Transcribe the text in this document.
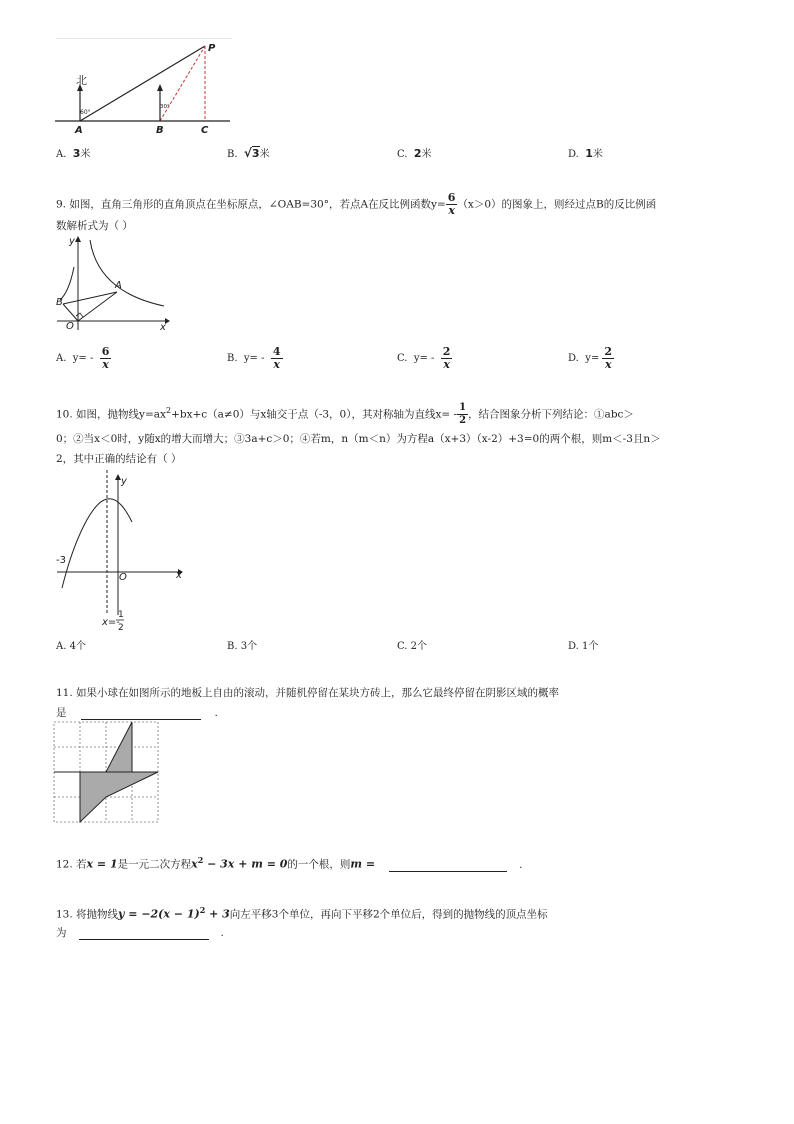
北
60°
30°
A	B	C
P
A. 3米	B. √3米	C. 2米	D. 1米
9. 如图，直角三角形的直角顶点在坐标原点，∠OAB=30°，若点A在反比例函数$y= \frac{6}{x} (x>0)$的图象上，则经过点B的反比例函
数解析式为（ ）
y
x
O
A
B
A. $y= - \frac{6}{x}$	B. $y= - \frac{4}{x}$	C. $y= - \frac{2}{x}$	D. $y= \frac{2}{x}$
10. 如图，抛物线$y=ax^2+bx+c(a\ne 0)$与x轴交于点（-3，0），其对称轴为直线$x= - \frac{1}{2}$ ，结合图象分析下列结论：①abc＞
0；②当x＜0时，y随x的增大而增大；③3a+c＞0；④若m，n（m＜n）为方程a（x+3）（x-2）+3=0的两个根，则m＜-3且n＞
2，其中正确的结论有（ ）
y
x
O
-3
x=-
1
2
A. 4个	B. 3个	C. 2个	D. 1个
11. 如果小球在如图所示的地板上自由的滚动，并随机停留在某块方砖上，那么它最终停留在阴影区域的概率
是	.
12. 若x = 1是一元二次方程$x^2 - 3x + m = 0$的一个根，则m =	.
13. 将抛物线$y = -2(x - 1)^2 + 3$向左平移3个单位，再向下平移2个单位后，得到的抛物线的顶点坐标
为	.
